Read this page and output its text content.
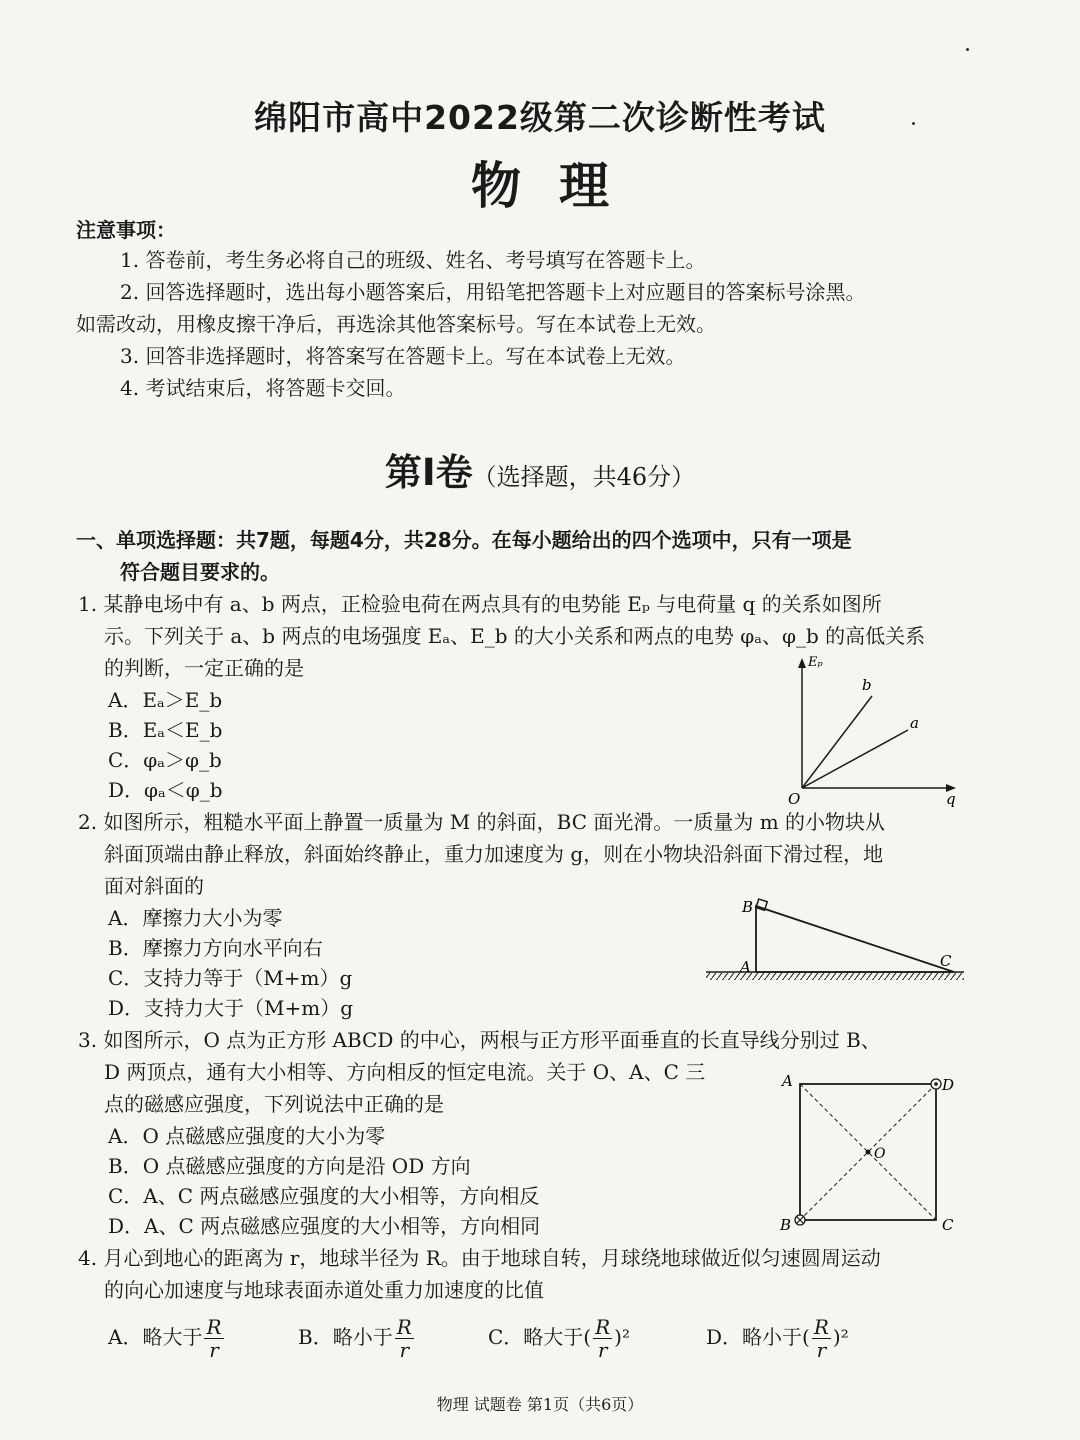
绵阳市高中2022级第二次诊断性考试
物理
注意事项：
1. 答卷前，考生务必将自己的班级、姓名、考号填写在答题卡上。
2. 回答选择题时，选出每小题答案后，用铅笔把答题卡上对应题目的答案标号涂黑。
如需改动，用橡皮擦干净后，再选涂其他答案标号。写在本试卷上无效。
3. 回答非选择题时，将答案写在答题卡上。写在本试卷上无效。
4. 考试结束后，将答题卡交回。
第I卷（选择题，共46分）
一、单项选择题：共7题，每题4分，共28分。在每小题给出的四个选项中，只有一项是
符合题目要求的。
1. 某静电场中有 a、b 两点，正检验电荷在两点具有的电势能 Eₚ 与电荷量 q 的关系如图所
示。下列关于 a、b 两点的电场强度 Eₐ、E_b 的大小关系和两点的电势 φₐ、φ_b 的高低关系
的判断，一定正确的是
A．Eₐ＞E_b
B．Eₐ＜E_b
C．φₐ＞φ_b
D．φₐ＜φ_b
Eₚ
q
O
b
a
2. 如图所示，粗糙水平面上静置一质量为 M 的斜面，BC 面光滑。一质量为 m 的小物块从
斜面顶端由静止释放，斜面始终静止，重力加速度为 g，则在小物块沿斜面下滑过程，地
面对斜面的
A．摩擦力大小为零
B．摩擦力方向水平向右
C．支持力等于（M+m）g
D．支持力大于（M+m）g
B
A	C
3. 如图所示，O 点为正方形 ABCD 的中心，两根与正方形平面垂直的长直导线分别过 B、
D 两顶点，通有大小相等、方向相反的恒定电流。关于 O、A、C 三
点的磁感应强度，下列说法中正确的是
A．O 点磁感应强度的大小为零
B．O 点磁感应强度的方向是沿 OD 方向
C．A、C 两点磁感应强度的大小相等，方向相反
D．A、C 两点磁感应强度的大小相等，方向相同
A	D
O
B	C
4. 月心到地心的距离为 r，地球半径为 R。由于地球自转，月球绕地球做近似匀速圆周运动
的向心加速度与地球表面赤道处重力加速度的比值
A．略大于 $\frac{R}{r}$	B．略小于 $\frac{R}{r}$	C．略大于( $\frac{R}{r} )^2$	D．略小于( $\frac{R}{r} )^2$
物理 试题卷 第1页（共6页）
